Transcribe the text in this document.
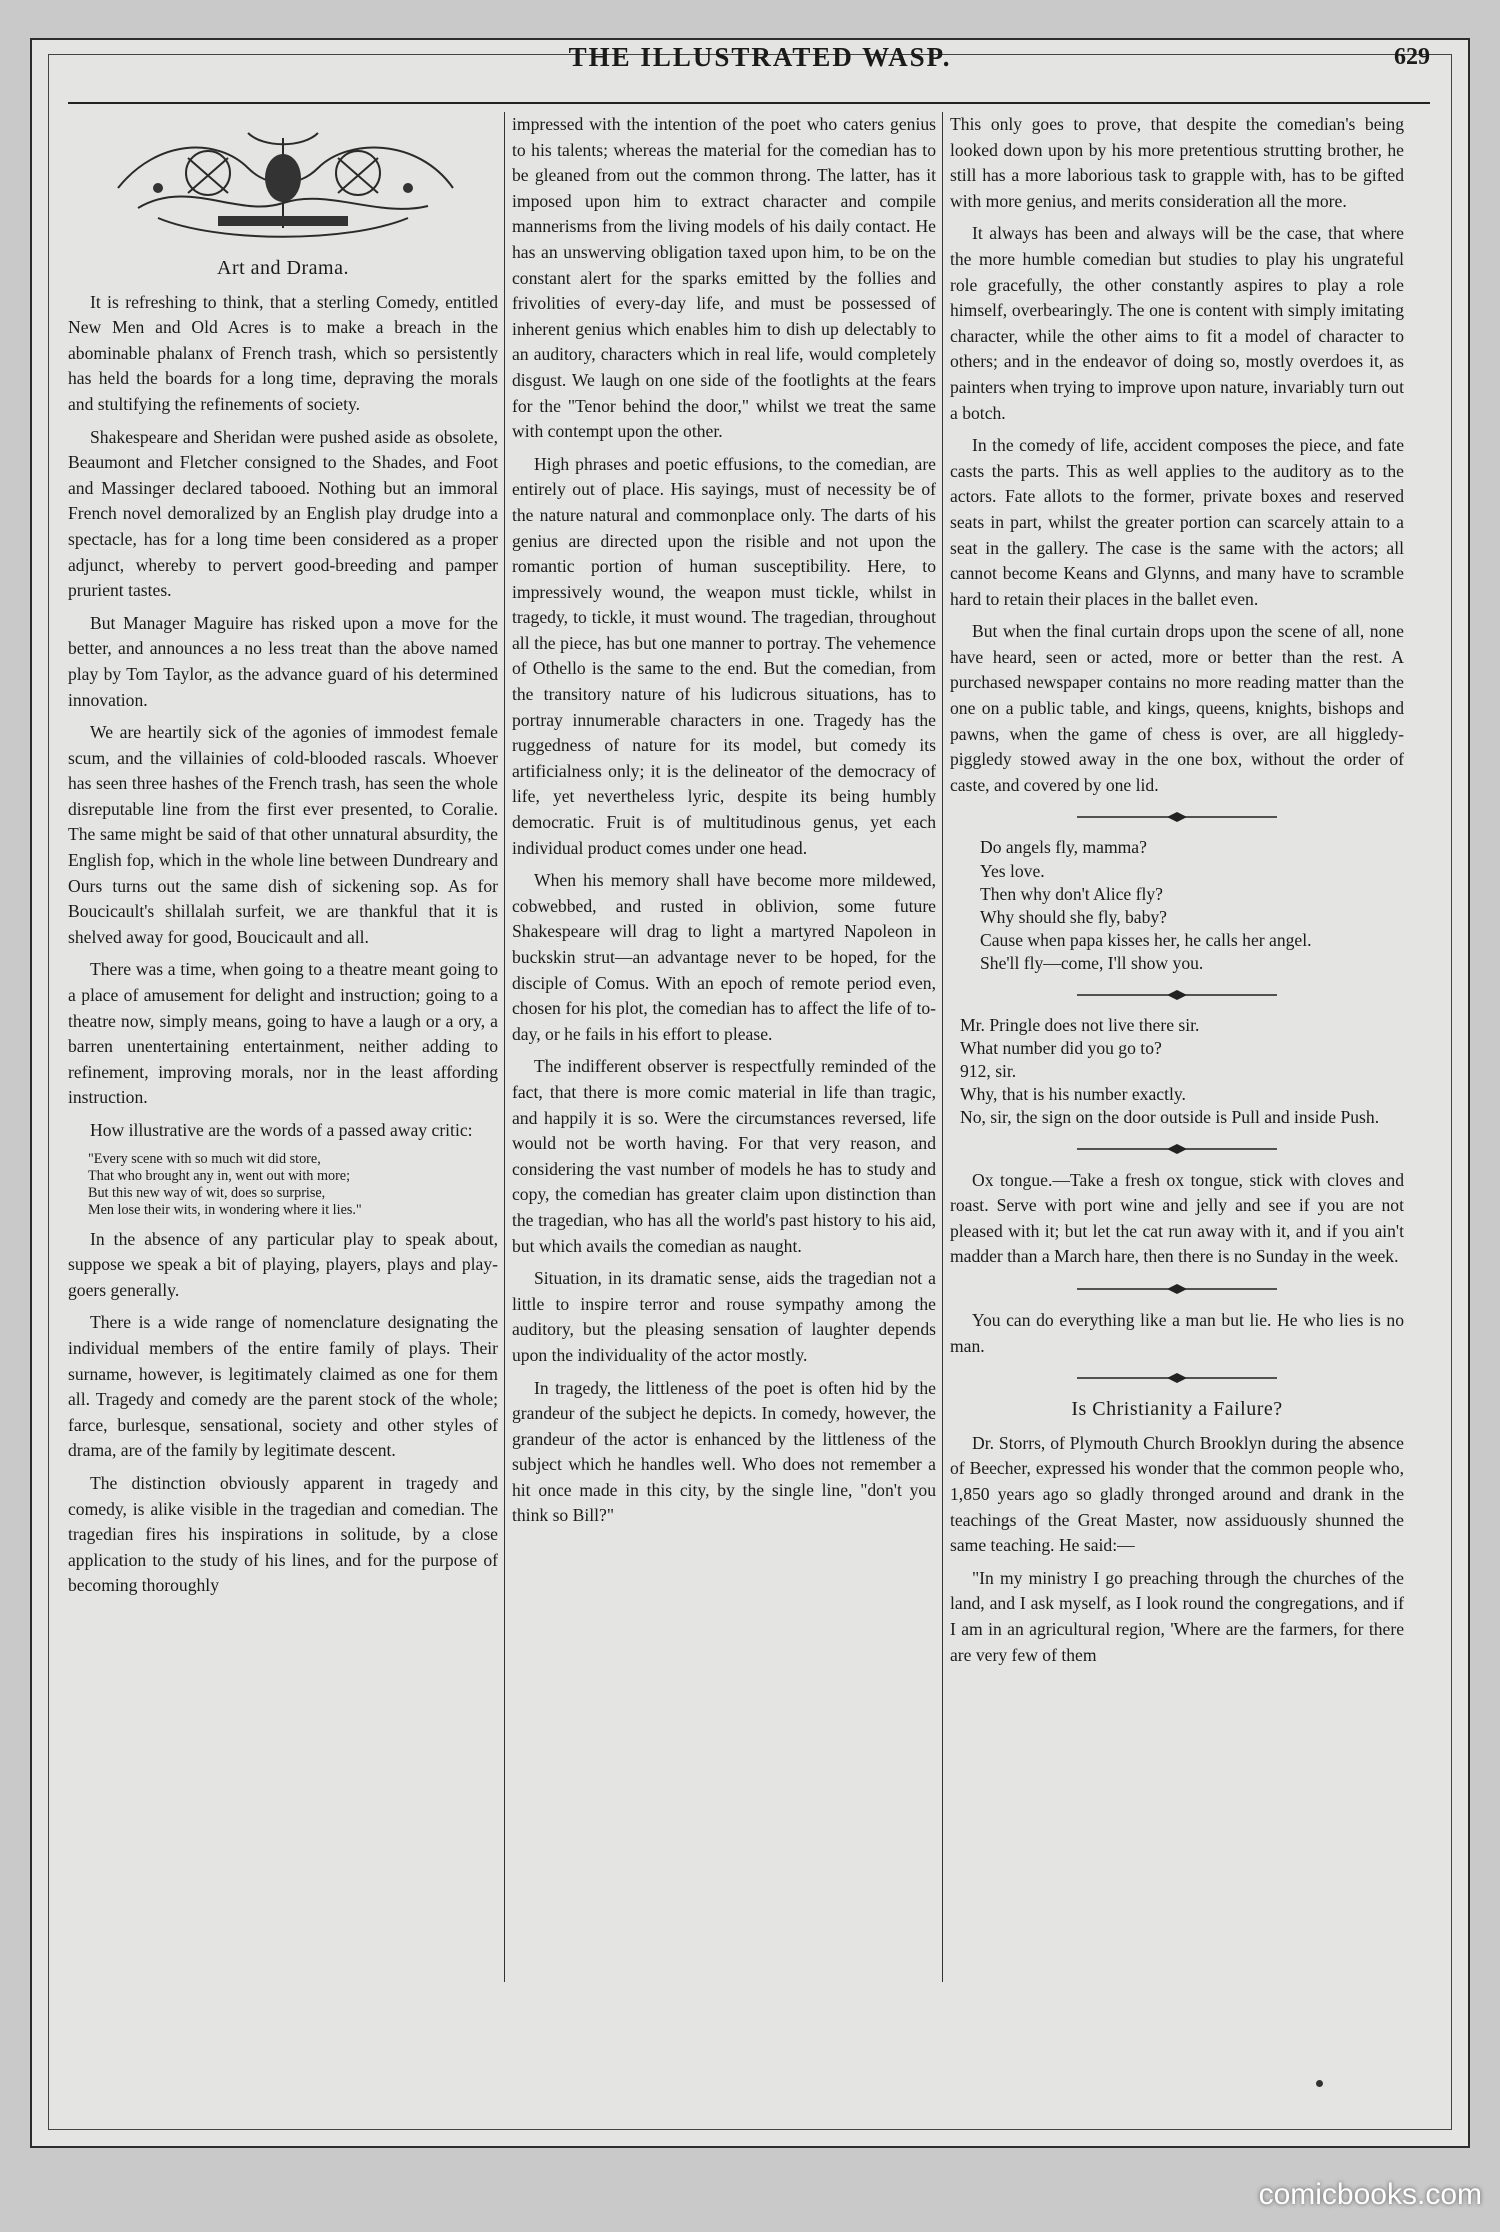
THE ILLUSTRATED WASP.	629
Art and Drama.

It is refreshing to think, that a sterling Comedy, entitled New Men and Old Acres is to make a breach in the abominable phalanx of French trash, which so persistently has held the boards for a long time, depraving the morals and stultifying the refinements of society.

Shakespeare and Sheridan were pushed aside as obsolete, Beaumont and Fletcher consigned to the Shades, and Foot and Massinger declared tabooed. Nothing but an immoral French novel demoralized by an English play drudge into a spectacle, has for a long time been considered as a proper adjunct, whereby to pervert good-breeding and pamper prurient tastes.

But Manager Maguire has risked upon a move for the better, and announces a no less treat than the above named play by Tom Taylor, as the advance guard of his determined innovation.

We are heartily sick of the agonies of immodest female scum, and the villainies of cold-blooded rascals. Whoever has seen three hashes of the French trash, has seen the whole disreputable line from the first ever presented, to Coralie. The same might be said of that other unnatural absurdity, the English fop, which in the whole line between Dundreary and Ours turns out the same dish of sickening sop. As for Boucicault's shillalah surfeit, we are thankful that it is shelved away for good, Boucicault and all.

There was a time, when going to a theatre meant going to a place of amusement for delight and instruction; going to a theatre now, simply means, going to have a laugh or a ory, a barren unentertaining entertainment, neither adding to refinement, improving morals, nor in the least affording instruction.

How illustrative are the words of a passed away critic:

"Every scene with so much wit did store,
That who brought any in, went out with more;
But this new way of wit, does so surprise,
Men lose their wits, in wondering where it lies."

In the absence of any particular play to speak about, suppose we speak a bit of playing, players, plays and play-goers generally.

There is a wide range of nomenclature designating the individual members of the entire family of plays. Their surname, however, is legitimately claimed as one for them all. Tragedy and comedy are the parent stock of the whole; farce, burlesque, sensational, society and other styles of drama, are of the family by legitimate descent.

The distinction obviously apparent in tragedy and comedy, is alike visible in the tragedian and comedian. The tragedian fires his inspirations in solitude, by a close application to the study of his lines, and for the purpose of becoming thoroughly

impressed with the intention of the poet who caters genius to his talents; whereas the material for the comedian has to be gleaned from out the common throng. The latter, has it imposed upon him to extract character and compile mannerisms from the living models of his daily contact. He has an unswerving obligation taxed upon him, to be on the constant alert for the sparks emitted by the follies and frivolities of every-day life, and must be possessed of inherent genius which enables him to dish up delectably to an auditory, characters which in real life, would completely disgust. We laugh on one side of the footlights at the fears for the "Tenor behind the door," whilst we treat the same with contempt upon the other.

High phrases and poetic effusions, to the comedian, are entirely out of place. His sayings, must of necessity be of the nature natural and commonplace only. The darts of his genius are directed upon the risible and not upon the romantic portion of human susceptibility. Here, to impressively wound, the weapon must tickle, whilst in tragedy, to tickle, it must wound. The tragedian, throughout all the piece, has but one manner to portray. The vehemence of Othello is the same to the end. But the comedian, from the transitory nature of his ludicrous situations, has to portray innumerable characters in one. Tragedy has the ruggedness of nature for its model, but comedy its artificialness only; it is the delineator of the democracy of life, yet nevertheless lyric, despite its being humbly democratic. Fruit is of multitudinous genus, yet each individual product comes under one head.

When his memory shall have become more mildewed, cobwebbed, and rusted in oblivion, some future Shakespeare will drag to light a martyred Napoleon in buckskin strut—an advantage never to be hoped, for the disciple of Comus. With an epoch of remote period even, chosen for his plot, the comedian has to affect the life of to-day, or he fails in his effort to please.

The indifferent observer is respectfully reminded of the fact, that there is more comic material in life than tragic, and happily it is so. Were the circumstances reversed, life would not be worth having. For that very reason, and considering the vast number of models he has to study and copy, the comedian has greater claim upon distinction than the tragedian, who has all the world's past history to his aid, but which avails the comedian as naught.

Situation, in its dramatic sense, aids the tragedian not a little to inspire terror and rouse sympathy among the auditory, but the pleasing sensation of laughter depends upon the individuality of the actor mostly.

In tragedy, the littleness of the poet is often hid by the grandeur of the subject he depicts. In comedy, however, the grandeur of the actor is enhanced by the littleness of the subject which he handles well. Who does not remember a hit once made in this city, by the single line, "don't you think so Bill?"

This only goes to prove, that despite the comedian's being looked down upon by his more pretentious strutting brother, he still has a more laborious task to grapple with, has to be gifted with more genius, and merits consideration all the more.

It always has been and always will be the case, that where the more humble comedian but studies to play his ungrateful role gracefully, the other constantly aspires to play a role himself, overbearingly. The one is content with simply imitating character, while the other aims to fit a model of character to others; and in the endeavor of doing so, mostly overdoes it, as painters when trying to improve upon nature, invariably turn out a botch.

In the comedy of life, accident composes the piece, and fate casts the parts. This as well applies to the auditory as to the actors. Fate allots to the former, private boxes and reserved seats in part, whilst the greater portion can scarcely attain to a seat in the gallery. The case is the same with the actors; all cannot become Keans and Glynns, and many have to scramble hard to retain their places in the ballet even.

But when the final curtain drops upon the scene of all, none have heard, seen or acted, more or better than the rest. A purchased newspaper contains no more reading matter than the one on a public table, and kings, queens, knights, bishops and pawns, when the game of chess is over, are all higgledy-piggledy stowed away in the one box, without the order of caste, and covered by one lid.

Do angels fly, mamma?
Yes love.
Then why don't Alice fly?
Why should she fly, baby?
Cause when papa kisses her, he calls her angel.
She'll fly—come, I'll show you.
Mr. Pringle does not live there sir.
What number did you go to?
912, sir.
Why, that is his number exactly.
No, sir, the sign on the door outside is Pull and inside Push.

Ox tongue.—Take a fresh ox tongue, stick with cloves and roast. Serve with port wine and jelly and see if you are not pleased with it; but let the cat run away with it, and if you ain't madder than a March hare, then there is no Sunday in the week.

You can do everything like a man but lie. He who lies is no man.

Is Christianity a Failure?

Dr. Storrs, of Plymouth Church Brooklyn during the absence of Beecher, expressed his wonder that the common people who, 1,850 years ago so gladly thronged around and drank in the teachings of the Great Master, now assiduously shunned the same teaching. He said:—

"In my ministry I go preaching through the churches of the land, and I ask myself, as I look round the congregations, and if I am in an agricultural region, 'Where are the farmers, for there are very few of them

comicbooks.com
